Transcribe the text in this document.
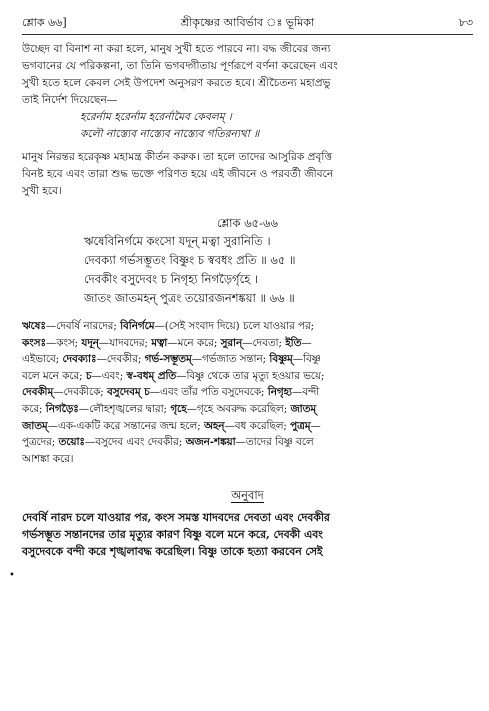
শ্লোক ৬৬]	শ্রীকৃষ্ণের আবির্ভাব ঃ ভূমিকা	৮৩

উচ্ছেদ বা বিনাশ না করা হলে, মানুষ সুখী হতে পারবে না। বদ্ধ জীবের জন্য

ভগবানের যে পরিকল্পনা, তা তিনি ভগবদ্গীতায় পূর্ণরূপে বর্ণনা করেছেন এবং

সুখী হতে হলে কেবল সেই উপদেশ অনুসরণ করতে হবে। শ্রীচৈতন্য মহাপ্রভু

তাই নির্দেশ দিয়েছেন—

হরের্নাম হরের্নাম হরের্নামৈব কেবলম্ ।

কলৌ নাস্ত্যেব নাস্ত্যেব নাস্ত্যেব গতিরন্যথা ॥

মানুষ নিরন্তর হরেকৃষ্ণ মহামন্ত্র কীর্তন করুক। তা হলে তাদের আসুরিক প্রবৃত্তি

বিনষ্ট হবে এবং তারা শুদ্ধ ভক্তে পরিণত হয়ে এই জীবনে ও পরবর্তী জীবনে

সুখী হবে।

শ্লোক ৬৫-৬৬

ঋষেবিনির্গমে কংসো যদূন্ মত্বা সুরানিতি ।

দেবক্যা গর্ভসম্ভূতং বিষ্ণুং চ স্ববধং প্রতি ॥ ৬৫ ॥

দেবকীং বসুদেবং চ নিগৃহ্য নিগড়ৈর্গৃহে ।

জাতং জাতমহন্ পুত্রং তয়োরজনশঙ্কয়া ॥ ৬৬ ॥

ঋষেঃ—দেবর্ষি নারদের; বিনির্গমে—(সেই সংবাদ দিয়ে) চলে যাওয়ার পর;

কংসঃ—কংস; যদূন্—যাদবদের; মত্বা—মনে করে; সুরান্—দেবতা; ইতি—

এইভাবে; দেবক্যাঃ—দেবকীর; গর্ভ-সম্ভূতম্—গর্ভজাত সন্তান; বিষ্ণুম্—বিষ্ণু

বলে মনে করে; চ—এবং; স্ব-বধম্ প্রতি—বিষ্ণু থেকে তার মৃত্যু হওয়ার ভয়ে;

দেবকীম্—দেবকীকে; বসুদেবম্ চ—এবং তাঁর পতি বসুদেবকে; নিগৃহ্য—বন্দী

করে; নিগড়ৈঃ—লৌহশৃঙ্খলের দ্বারা; গৃহে—গৃহে অবরুদ্ধ করেছিল; জাতম্

জাতম্—এক-একটি করে সন্তানের জন্ম হলে; অহন্—বধ করেছিল; পুত্রম্—

পুত্রদের; তয়োঃ—বসুদেব এবং দেবকীর; অজন-শঙ্কয়া—তাদের বিষ্ণু বলে

আশঙ্কা করে।

অনুবাদ

দেবর্ষি নারদ চলে যাওয়ার পর, কংস সমস্ত যাদবদের দেবতা এবং দেবকীর

গর্ভসম্ভূত সন্তানদের তার মৃত্যুর কারণ বিষ্ণু বলে মনে করে, দেবকী এবং

বসুদেবকে বন্দী করে শৃঙ্খলাবদ্ধ করেছিল। বিষ্ণু তাকে হত্যা করবেন সেই

•
